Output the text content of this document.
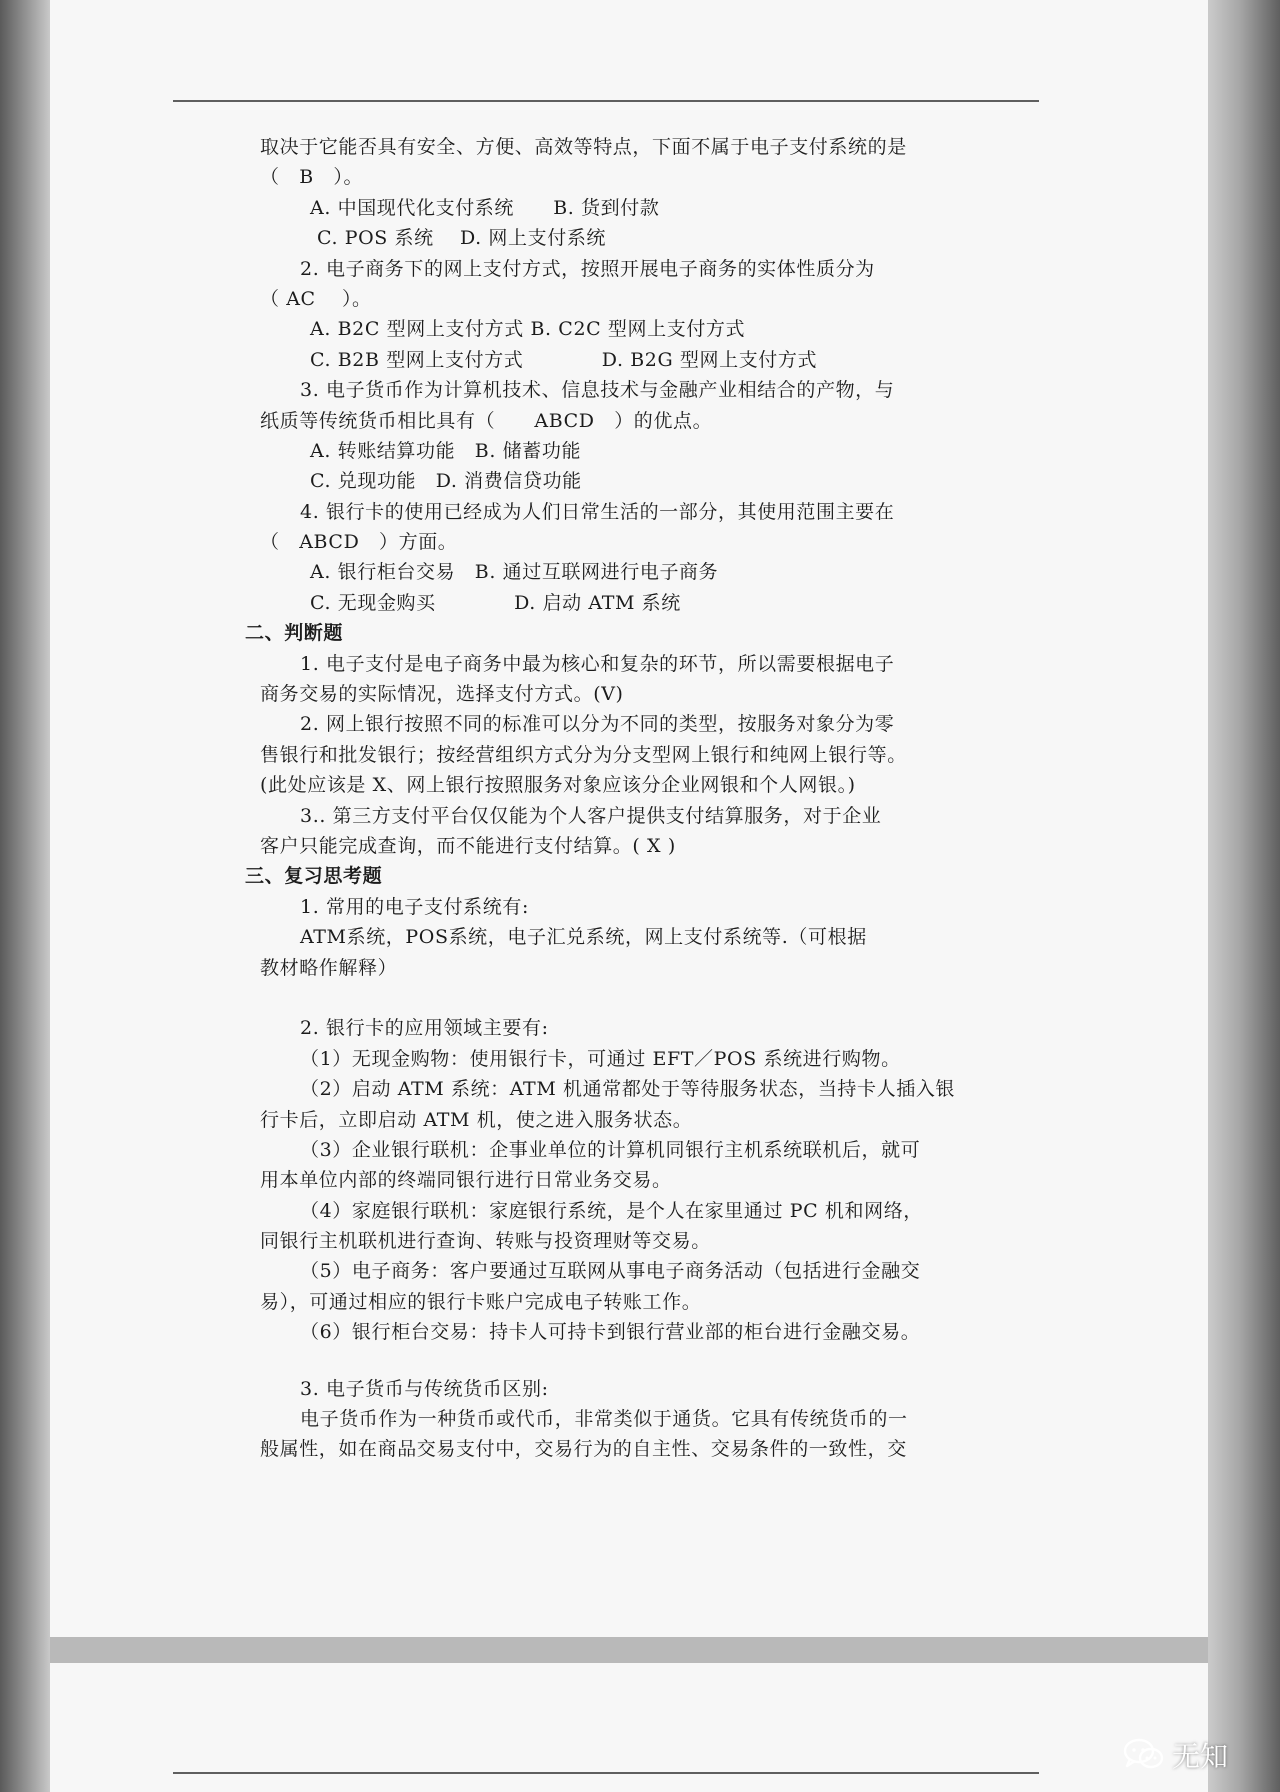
取决于它能否具有安全、方便、高效等特点，下面不属于电子支付系统的是
（　B　）。
A. 中国现代化支付系统　　B. 货到付款
C. POS 系统　 D. 网上支付系统
2. 电子商务下的网上支付方式，按照开展电子商务的实体性质分为
（ AC　 ）。
A. B2C 型网上支付方式 B. C2C 型网上支付方式
C. B2B 型网上支付方式　　　　D. B2G 型网上支付方式
3. 电子货币作为计算机技术、信息技术与金融产业相结合的产物，与
纸质等传统货币相比具有（　　ABCD　）的优点。
A. 转账结算功能　B. 储蓄功能
C. 兑现功能　D. 消费信贷功能
4. 银行卡的使用已经成为人们日常生活的一部分，其使用范围主要在
（　ABCD　）方面。
A. 银行柜台交易　B. 通过互联网进行电子商务
C. 无现金购买　　　　D. 启动 ATM 系统
二、判断题
1. 电子支付是电子商务中最为核心和复杂的环节，所以需要根据电子
商务交易的实际情况，选择支付方式。(V)
2. 网上银行按照不同的标准可以分为不同的类型，按服务对象分为零
售银行和批发银行；按经营组织方式分为分支型网上银行和纯网上银行等。
(此处应该是 X、网上银行按照服务对象应该分企业网银和个人网银。)
3.. 第三方支付平台仅仅能为个人客户提供支付结算服务，对于企业
客户只能完成查询，而不能进行支付结算。( X )
三、复习思考题
1. 常用的电子支付系统有:
ATM系统，POS系统，电子汇兑系统，网上支付系统等.（可根据
教材略作解释）
2. 银行卡的应用领域主要有:
（1）无现金购物：使用银行卡，可通过 EFT／POS 系统进行购物。
（2）启动 ATM 系统：ATM 机通常都处于等待服务状态，当持卡人插入银
行卡后，立即启动 ATM 机，使之进入服务状态。
（3）企业银行联机：企事业单位的计算机同银行主机系统联机后，就可
用本单位内部的终端同银行进行日常业务交易。
（4）家庭银行联机：家庭银行系统，是个人在家里通过 PC 机和网络，
同银行主机联机进行查询、转账与投资理财等交易。
（5）电子商务：客户要通过互联网从事电子商务活动（包括进行金融交
易），可通过相应的银行卡账户完成电子转账工作。
（6）银行柜台交易：持卡人可持卡到银行营业部的柜台进行金融交易。
3. 电子货币与传统货币区别:
电子货币作为一种货币或代币，非常类似于通货。它具有传统货币的一
般属性，如在商品交易支付中，交易行为的自主性、交易条件的一致性，交
无知
